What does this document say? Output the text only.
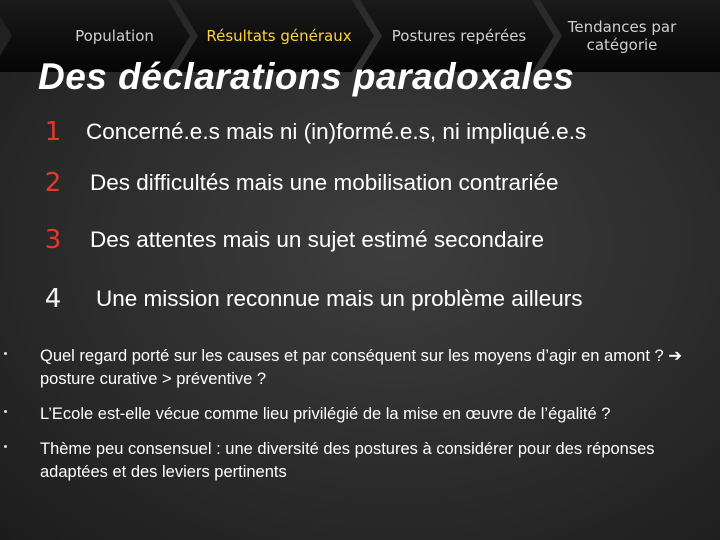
Population	Résultats généraux	Postures repérées	Tendances par catégorie
Des déclarations paradoxales
1	Concerné.e.s mais ni (in)formé.e.s, ni impliqué.e.s
2	Des difficultés mais une mobilisation contrariée
3	Des attentes mais un sujet estimé secondaire
4	Une mission reconnue mais un problème ailleurs
Quel regard porté sur les causes et par conséquent sur les moyens d’agir en amont ? ➔ posture curative > préventive ?
L’Ecole est-elle vécue comme lieu privilégié de la mise en œuvre de l’égalité ?
Thème peu consensuel : une diversité des postures à considérer pour des réponses adaptées et des leviers pertinents
